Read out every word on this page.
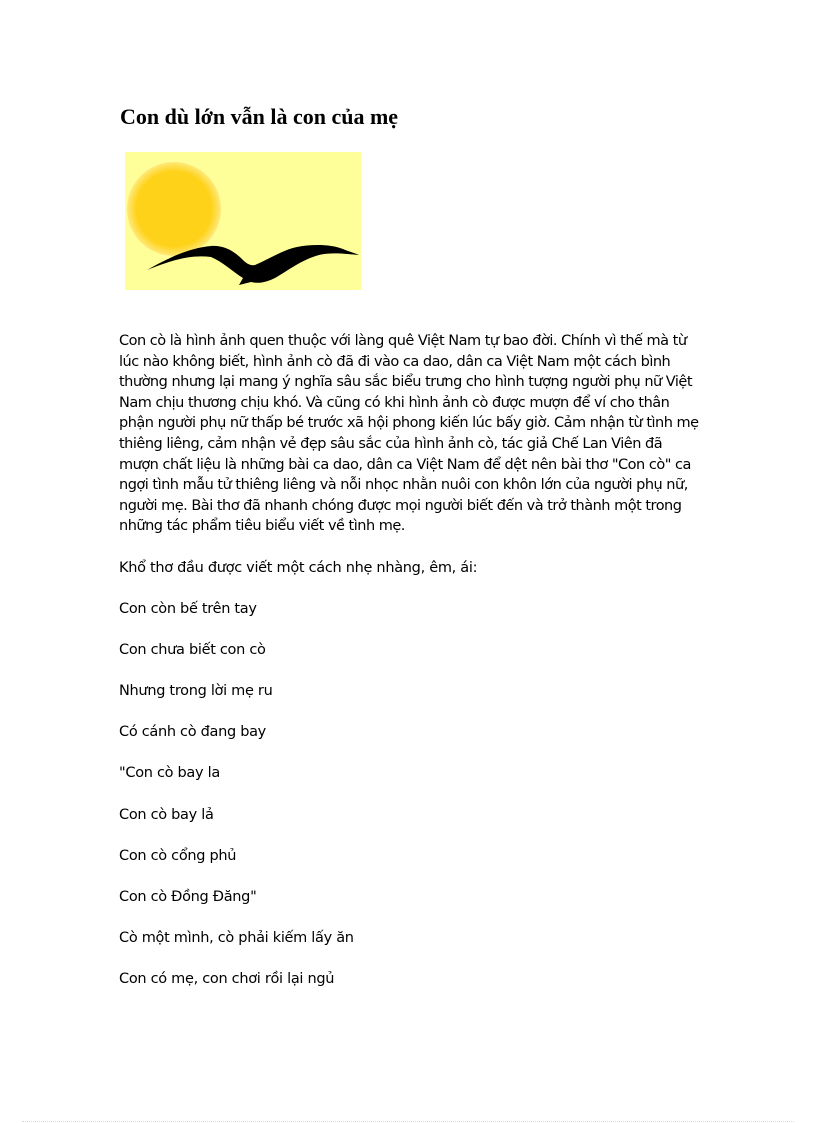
Con dù lớn vẫn là con của mẹ

Con cò là hình ảnh quen thuộc với làng quê Việt Nam tự bao đời. Chính vì thế mà từ lúc nào không biết, hình ảnh cò đã đi vào ca dao, dân ca Việt Nam một cách bình thường nhưng lại mang ý nghĩa sâu sắc biểu trưng cho hình tượng người phụ nữ Việt Nam chịu thương chịu khó. Và cũng có khi hình ảnh cò được mượn để ví cho thân phận người phụ nữ thấp bé trước xã hội phong kiến lúc bấy giờ. Cảm nhận từ tình mẹ thiêng liêng, cảm nhận vẻ đẹp sâu sắc của hình ảnh cò, tác giả Chế Lan Viên đã mượn chất liệu là những bài ca dao, dân ca Việt Nam để dệt nên bài thơ "Con cò" ca ngợi tình mẫu tử thiêng liêng và nỗi nhọc nhằn nuôi con khôn lớn của người phụ nữ, người mẹ. Bài thơ đã nhanh chóng được mọi người biết đến và trở thành một trong những tác phẩm tiêu biểu viết về tình mẹ.

Khổ thơ đầu được viết một cách nhẹ nhàng, êm, ái:

Con còn bế trên tay

Con chưa biết con cò

Nhưng trong lời mẹ ru

Có cánh cò đang bay

"Con cò bay la

Con cò bay lả

Con cò cổng phủ

Con cò Đồng Đăng"

Cò một mình, cò phải kiếm lấy ăn

Con có mẹ, con chơi rồi lại ngủ
